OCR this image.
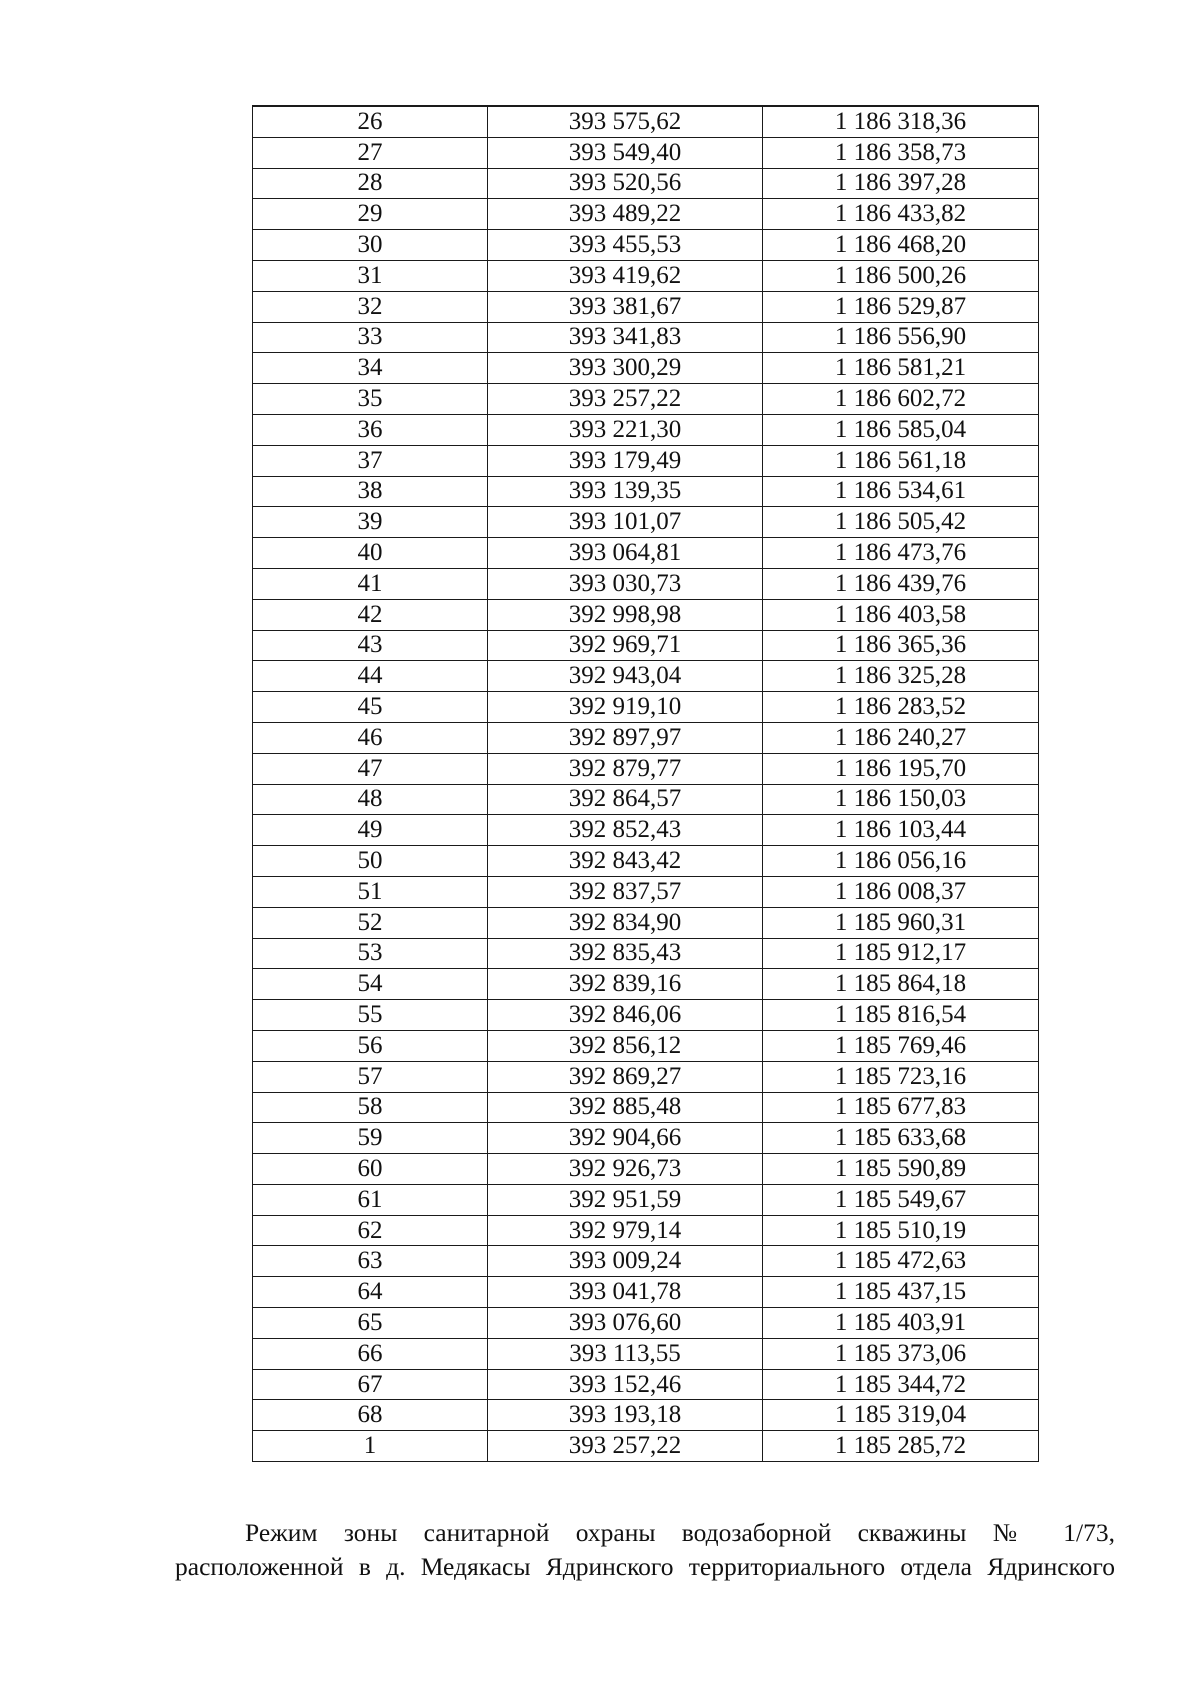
26	393 575,62	1 186 318,36
27	393 549,40	1 186 358,73
28	393 520,56	1 186 397,28
29	393 489,22	1 186 433,82
30	393 455,53	1 186 468,20
31	393 419,62	1 186 500,26
32	393 381,67	1 186 529,87
33	393 341,83	1 186 556,90
34	393 300,29	1 186 581,21
35	393 257,22	1 186 602,72
36	393 221,30	1 186 585,04
37	393 179,49	1 186 561,18
38	393 139,35	1 186 534,61
39	393 101,07	1 186 505,42
40	393 064,81	1 186 473,76
41	393 030,73	1 186 439,76
42	392 998,98	1 186 403,58
43	392 969,71	1 186 365,36
44	392 943,04	1 186 325,28
45	392 919,10	1 186 283,52
46	392 897,97	1 186 240,27
47	392 879,77	1 186 195,70
48	392 864,57	1 186 150,03
49	392 852,43	1 186 103,44
50	392 843,42	1 186 056,16
51	392 837,57	1 186 008,37
52	392 834,90	1 185 960,31
53	392 835,43	1 185 912,17
54	392 839,16	1 185 864,18
55	392 846,06	1 185 816,54
56	392 856,12	1 185 769,46
57	392 869,27	1 185 723,16
58	392 885,48	1 185 677,83
59	392 904,66	1 185 633,68
60	392 926,73	1 185 590,89
61	392 951,59	1 185 549,67
62	392 979,14	1 185 510,19
63	393 009,24	1 185 472,63
64	393 041,78	1 185 437,15
65	393 076,60	1 185 403,91
66	393 113,55	1 185 373,06
67	393 152,46	1 185 344,72
68	393 193,18	1 185 319,04
1	393 257,22	1 185 285,72
Режим зоны санитарной охраны водозаборной скважины № 1/73,
расположенной в д. Медякасы Ядринского территориального отдела Ядринского
